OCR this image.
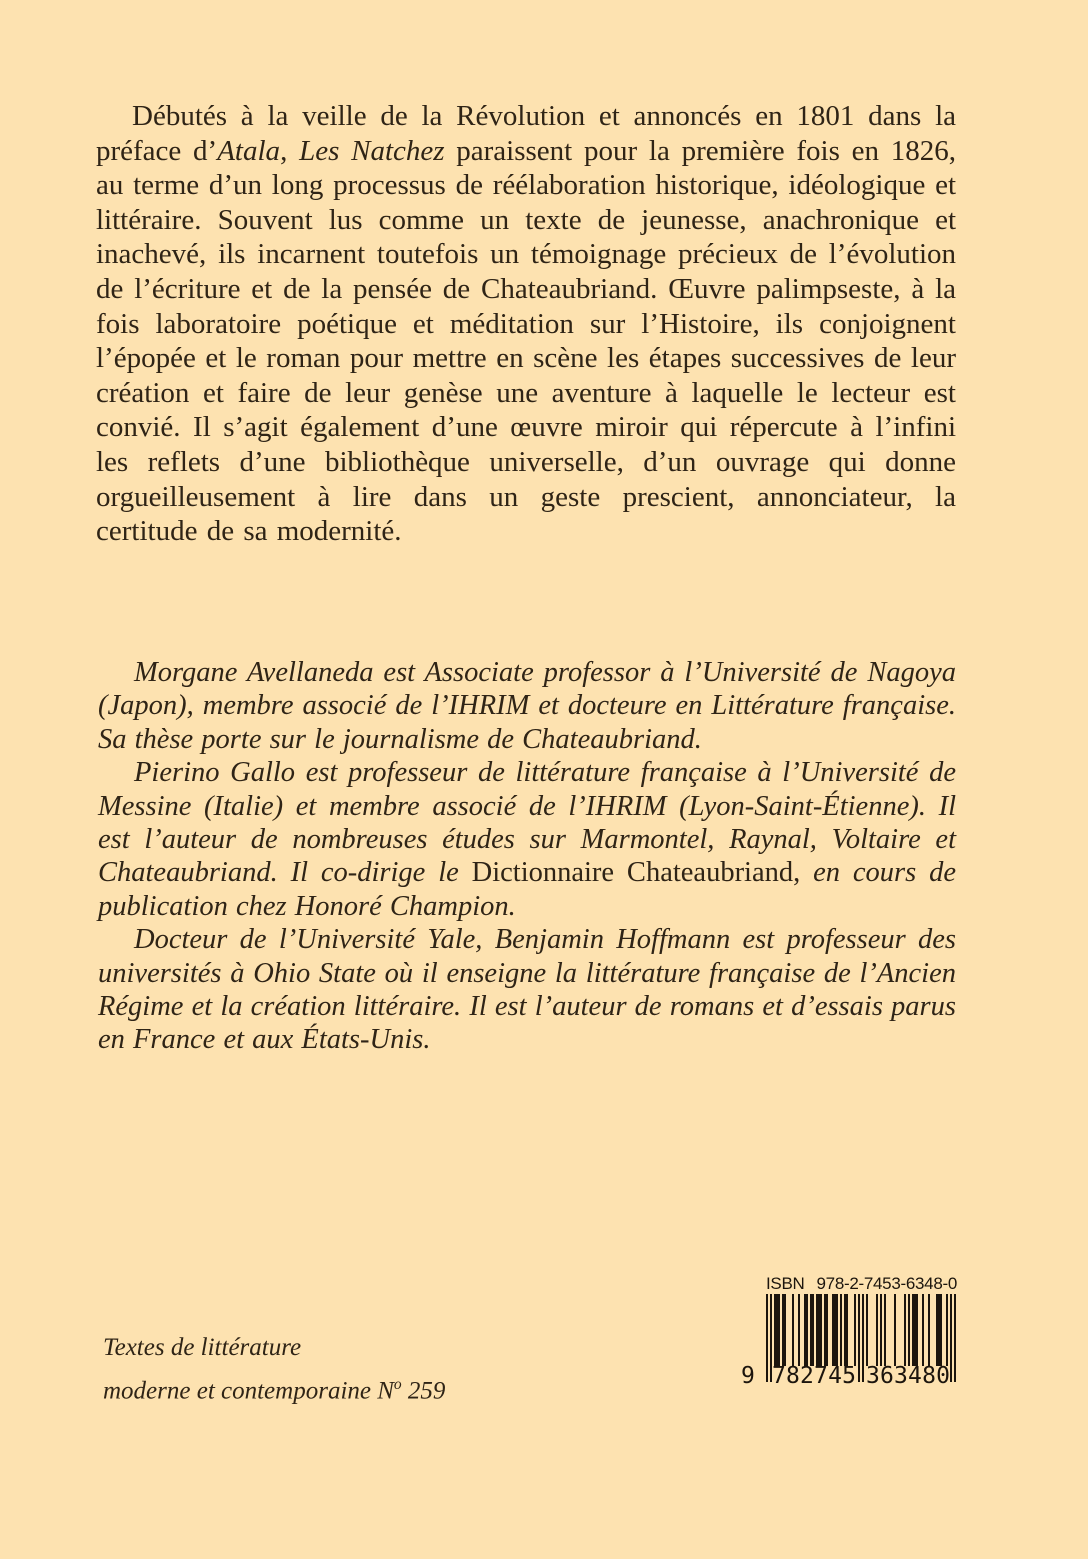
Débutés à la veille de la Révolution et annoncés en 1801 dans la préface d’Atala, Les Natchez paraissent pour la première fois en 1826, au terme d’un long processus de réélaboration historique, idéologique et littéraire. Souvent lus comme un texte de jeunesse, anachronique et inachevé, ils incarnent toutefois un témoignage précieux de l’évolution de l’écriture et de la pensée de Chateaubriand. Œuvre palimpseste, à la fois laboratoire poétique et méditation sur l’Histoire, ils conjoignent l’épopée et le roman pour mettre en scène les étapes successives de leur création et faire de leur genèse une aventure à laquelle le lecteur est convié. Il s’agit également d’une œuvre miroir qui répercute à l’infini les reflets d’une bibliothèque universelle, d’un ouvrage qui donne orgueilleusement à lire dans un geste prescient, annonciateur, la certitude de sa modernité.

Morgane Avellaneda est Associate professor à l’Université de Nagoya (Japon), membre associé de l’IHRIM et docteure en Littérature française. Sa thèse porte sur le journalisme de Chateaubriand.

Pierino Gallo est professeur de littérature française à l’Université de Messine (Italie) et membre associé de l’IHRIM (Lyon-Saint-Étienne). Il est l’auteur de nombreuses études sur Marmontel, Raynal, Voltaire et Chateaubriand. Il co-dirige le Dictionnaire Chateaubriand, en cours de publication chez Honoré Champion.

Docteur de l’Université Yale, Benjamin Hoffmann est professeur des universités à Ohio State où il enseigne la littérature française de l’Ancien Régime et la création littéraire. Il est l’auteur de romans et d’essais parus en France et aux États-Unis.

Textes de littérature
moderne et contemporaine $N^o$ 259
ISBN 978-2-7453-6348-0
9 7 8 2 7 4 5 3 6 3 4 8 0
